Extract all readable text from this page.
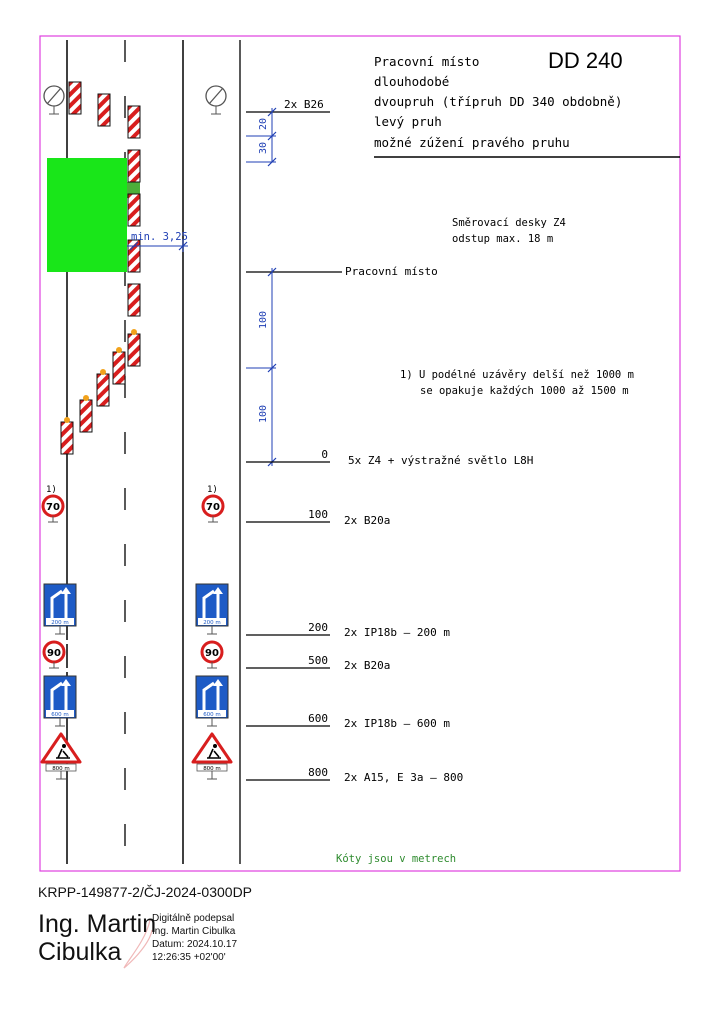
Pracovní místo	DD 240
dlouhodobé
dvoupruh (třípruh DD 340 obdobně)
levý pruh
možné zúžení pravého pruhu
2x B26
20
30
min. 3,25
Směrovací desky Z4
odstup max. 18 m
Pracovní místo
100
100
1) U podélné uzávěry delší než 1000 m
se opakuje každých 1000 až 1500 m
0 5x Z4 + výstražné světlo L8H
100 2x B20a
200 2x IP18b – 200 m
500 2x B20a
600 2x IP18b – 600 m
800 2x A15, E 3a – 800
1)
70
1)
70
200 m	200 m
90	90
600 m	600 m
800 m	800 m
Kóty jsou v metrech
KRPP-149877-2/ČJ-2024-0300DP
Ing. Martin
Cibulka
Digitálně podepsal
Ing. Martin Cibulka
Datum: 2024.10.17
12:26:35 +02'00'
